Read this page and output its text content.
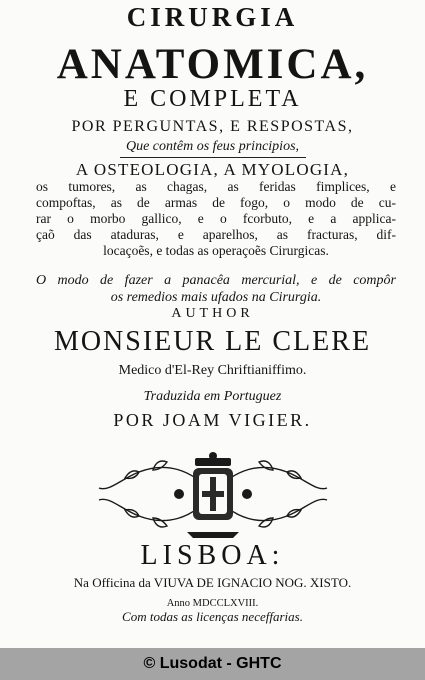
CIRURGIA
ANATOMICA,
E COMPLETA
POR PERGUNTAS, E RESPOSTAS,
Que contêm os feus principios,
A OSTEOLOGIA, A MYOLOGIA,
os tumores, as chagas, as feridas fimplices, e
compoftas, as de armas de fogo, o modo de cu-
rar o morbo gallico, e o fcorbuto, e a applica-
çaõ das ataduras, e aparelhos, as fracturas, dif-
locaçoẽs, e todas as operaçoẽs Cirurgicas.
O modo de fazer a panacêa mercurial, e de compôr
os remedios mais ufados na Cirurgia.
AUTHOR
MONSIEUR LE CLERE
Medico d'El-Rey Chriftianiffimo.
Traduzida em Portuguez
POR JOAM VIGIER.
LISBOA:
Na Officina da VIUVA DE IGNACIO NOG. XISTO.
Anno MDCCLXVIII.
Com todas as licenças neceffarias.
© Lusodat - GHTC
